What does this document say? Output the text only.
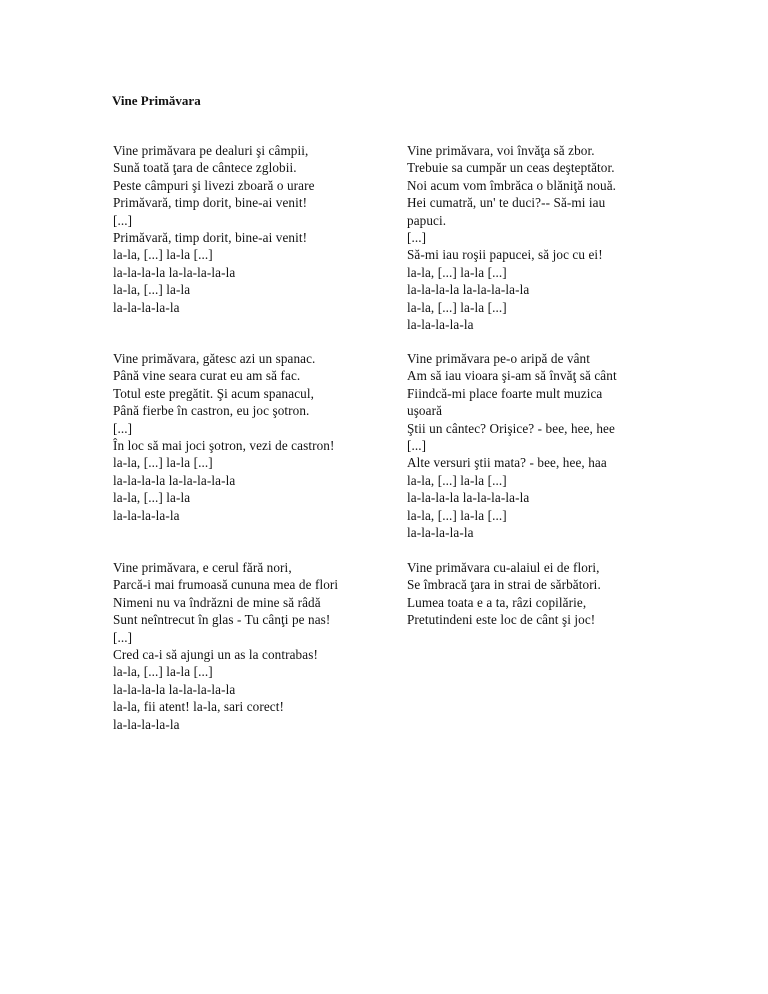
Vine Primăvara
Vine primăvara pe dealuri şi câmpii,
Sună toată ţara de cântece zglobii.
Peste câmpuri şi livezi zboară o urare
Primăvară, timp dorit, bine-ai venit!
[...]
Primăvară, timp dorit, bine-ai venit!
la-la, [...] la-la [...]
la-la-la-la la-la-la-la-la
la-la, [...] la-la
la-la-la-la-la
Vine primăvara, voi învăţa să zbor.
Trebuie sa cumpăr un ceas deşteptător.
Noi acum vom îmbrăca o blăniţă nouă.
Hei cumatră, un' te duci?-- Să-mi iau
papuci.
[...]
Să-mi iau roşii papucei, să joc cu ei!
la-la, [...] la-la [...]
la-la-la-la la-la-la-la-la
la-la, [...] la-la [...]
la-la-la-la-la
Vine primăvara, gătesc azi un spanac.
Până vine seara curat eu am să fac.
Totul este pregătit. Şi acum spanacul,
Până fierbe în castron, eu joc şotron.
[...]
În loc să mai joci şotron, vezi de castron!
la-la, [...] la-la [...]
la-la-la-la la-la-la-la-la
la-la, [...] la-la
la-la-la-la-la
Vine primăvara pe-o aripă de vânt
Am să iau vioara şi-am să învăţ să cânt
Fiindcă-mi place foarte mult muzica
uşoară
Ştii un cântec? Orişice? - bee, hee, hee
[...]
Alte versuri ştii mata? - bee, hee, haa
la-la, [...] la-la [...]
la-la-la-la la-la-la-la-la
la-la, [...] la-la [...]
la-la-la-la-la
Vine primăvara, e cerul fără nori,
Parcă-i mai frumoasă cununa mea de flori
Nimeni nu va îndrăzni de mine să râdă
Sunt neîntrecut în glas - Tu cânţi pe nas!
[...]
Cred ca-i să ajungi un as la contrabas!
la-la, [...] la-la [...]
la-la-la-la la-la-la-la-la
la-la, fii atent! la-la, sari corect!
la-la-la-la-la
Vine primăvara cu-alaiul ei de flori,
Se îmbracă ţara in strai de sărbători.
Lumea toata e a ta, râzi copilărie,
Pretutindeni este loc de cânt şi joc!
